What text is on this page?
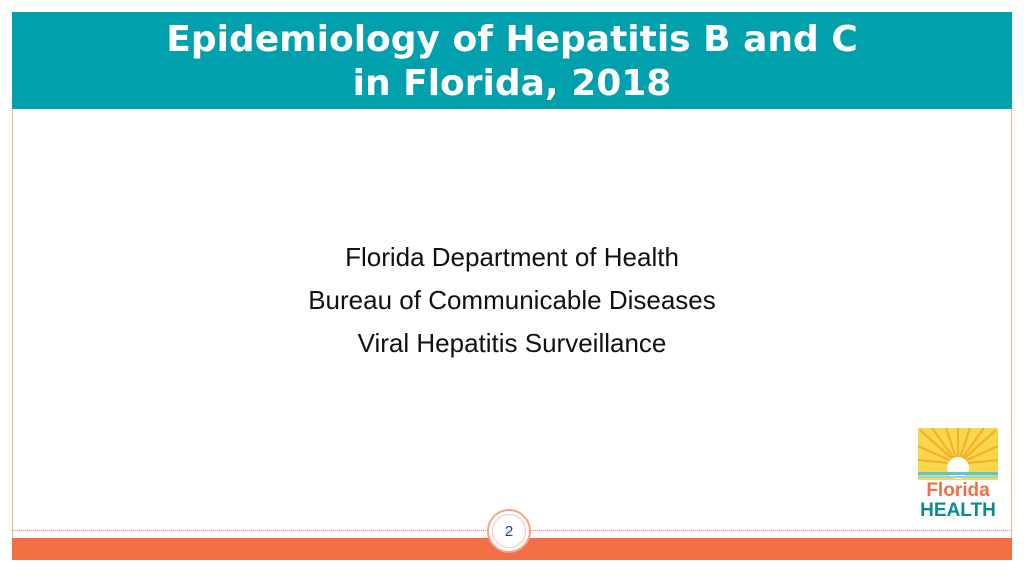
Epidemiology of Hepatitis B and C
in Florida, 2018
Florida Department of Health
Bureau of Communicable Diseases
Viral Hepatitis Surveillance
2
Florida
HEALTH
